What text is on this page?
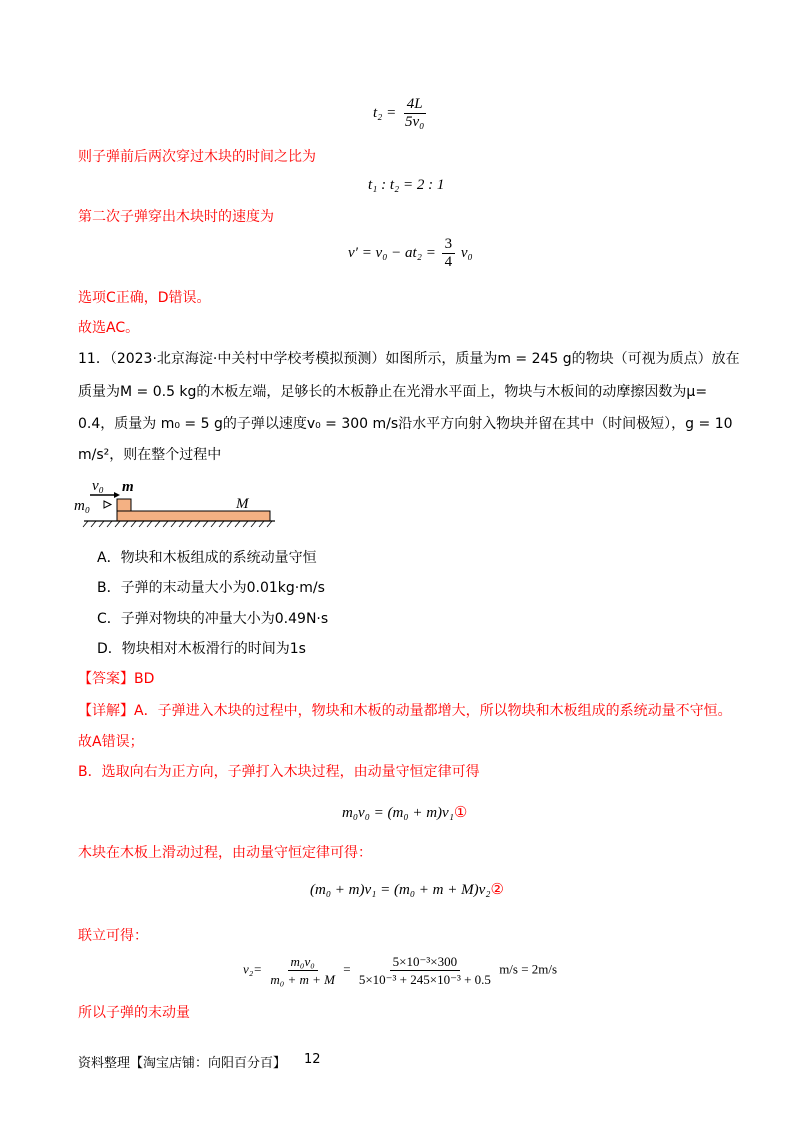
$t_2 = \frac{4L}{\text{5v₀}}$
则子弹前后两次穿过木块的时间之比为
t₁ : t₂ = 2 : 1
第二次子弹穿出木块时的速度为
$v' = v_0 - at_2 = \frac{3}{4} v_0$
选项C正确，D错误。
故选AC。
11．（2023·北京海淀·中关村中学校考模拟预测）如图所示，质量为m = 245 g的物块（可视为质点）放在
质量为M = 0.5 kg的木板左端，足够长的木板静止在光滑水平面上，物块与木板间的动摩擦因数为μ=
0.4，质量为 m₀ = 5 g的子弹以速度v₀ = 300 m/s沿水平方向射入物块并留在其中（时间极短），g = 10
m/s²，则在整个过程中
v₀ m
m₀	M
A．物块和木板组成的系统动量守恒
B．子弹的末动量大小为0.01kg·m/s
C．子弹对物块的冲量大小为0.49N·s
D．物块相对木板滑行的时间为1s
【答案】BD
【详解】A．子弹进入木块的过程中，物块和木板的动量都增大，所以物块和木板组成的系统动量不守恒。
故A错误；
B．选取向右为正方向，子弹打入木块过程，由动量守恒定律可得
m₀v₀ = (m₀ + m)v₁①
木块在木板上滑动过程，由动量守恒定律可得：
(m₀ + m)v₁ = (m₀ + m + M)v₂②
联立可得：
$v_2= \frac{\text{m₀v₀}}{\text{m₀ + m + M}} = \frac{\text{5×10⁻³×300}}{\text{5×10⁻³ + 245×10⁻³ + 0.5}} m/s = 2m/s$
所以子弹的末动量
资料整理【淘宝店铺：向阳百分百】 12
